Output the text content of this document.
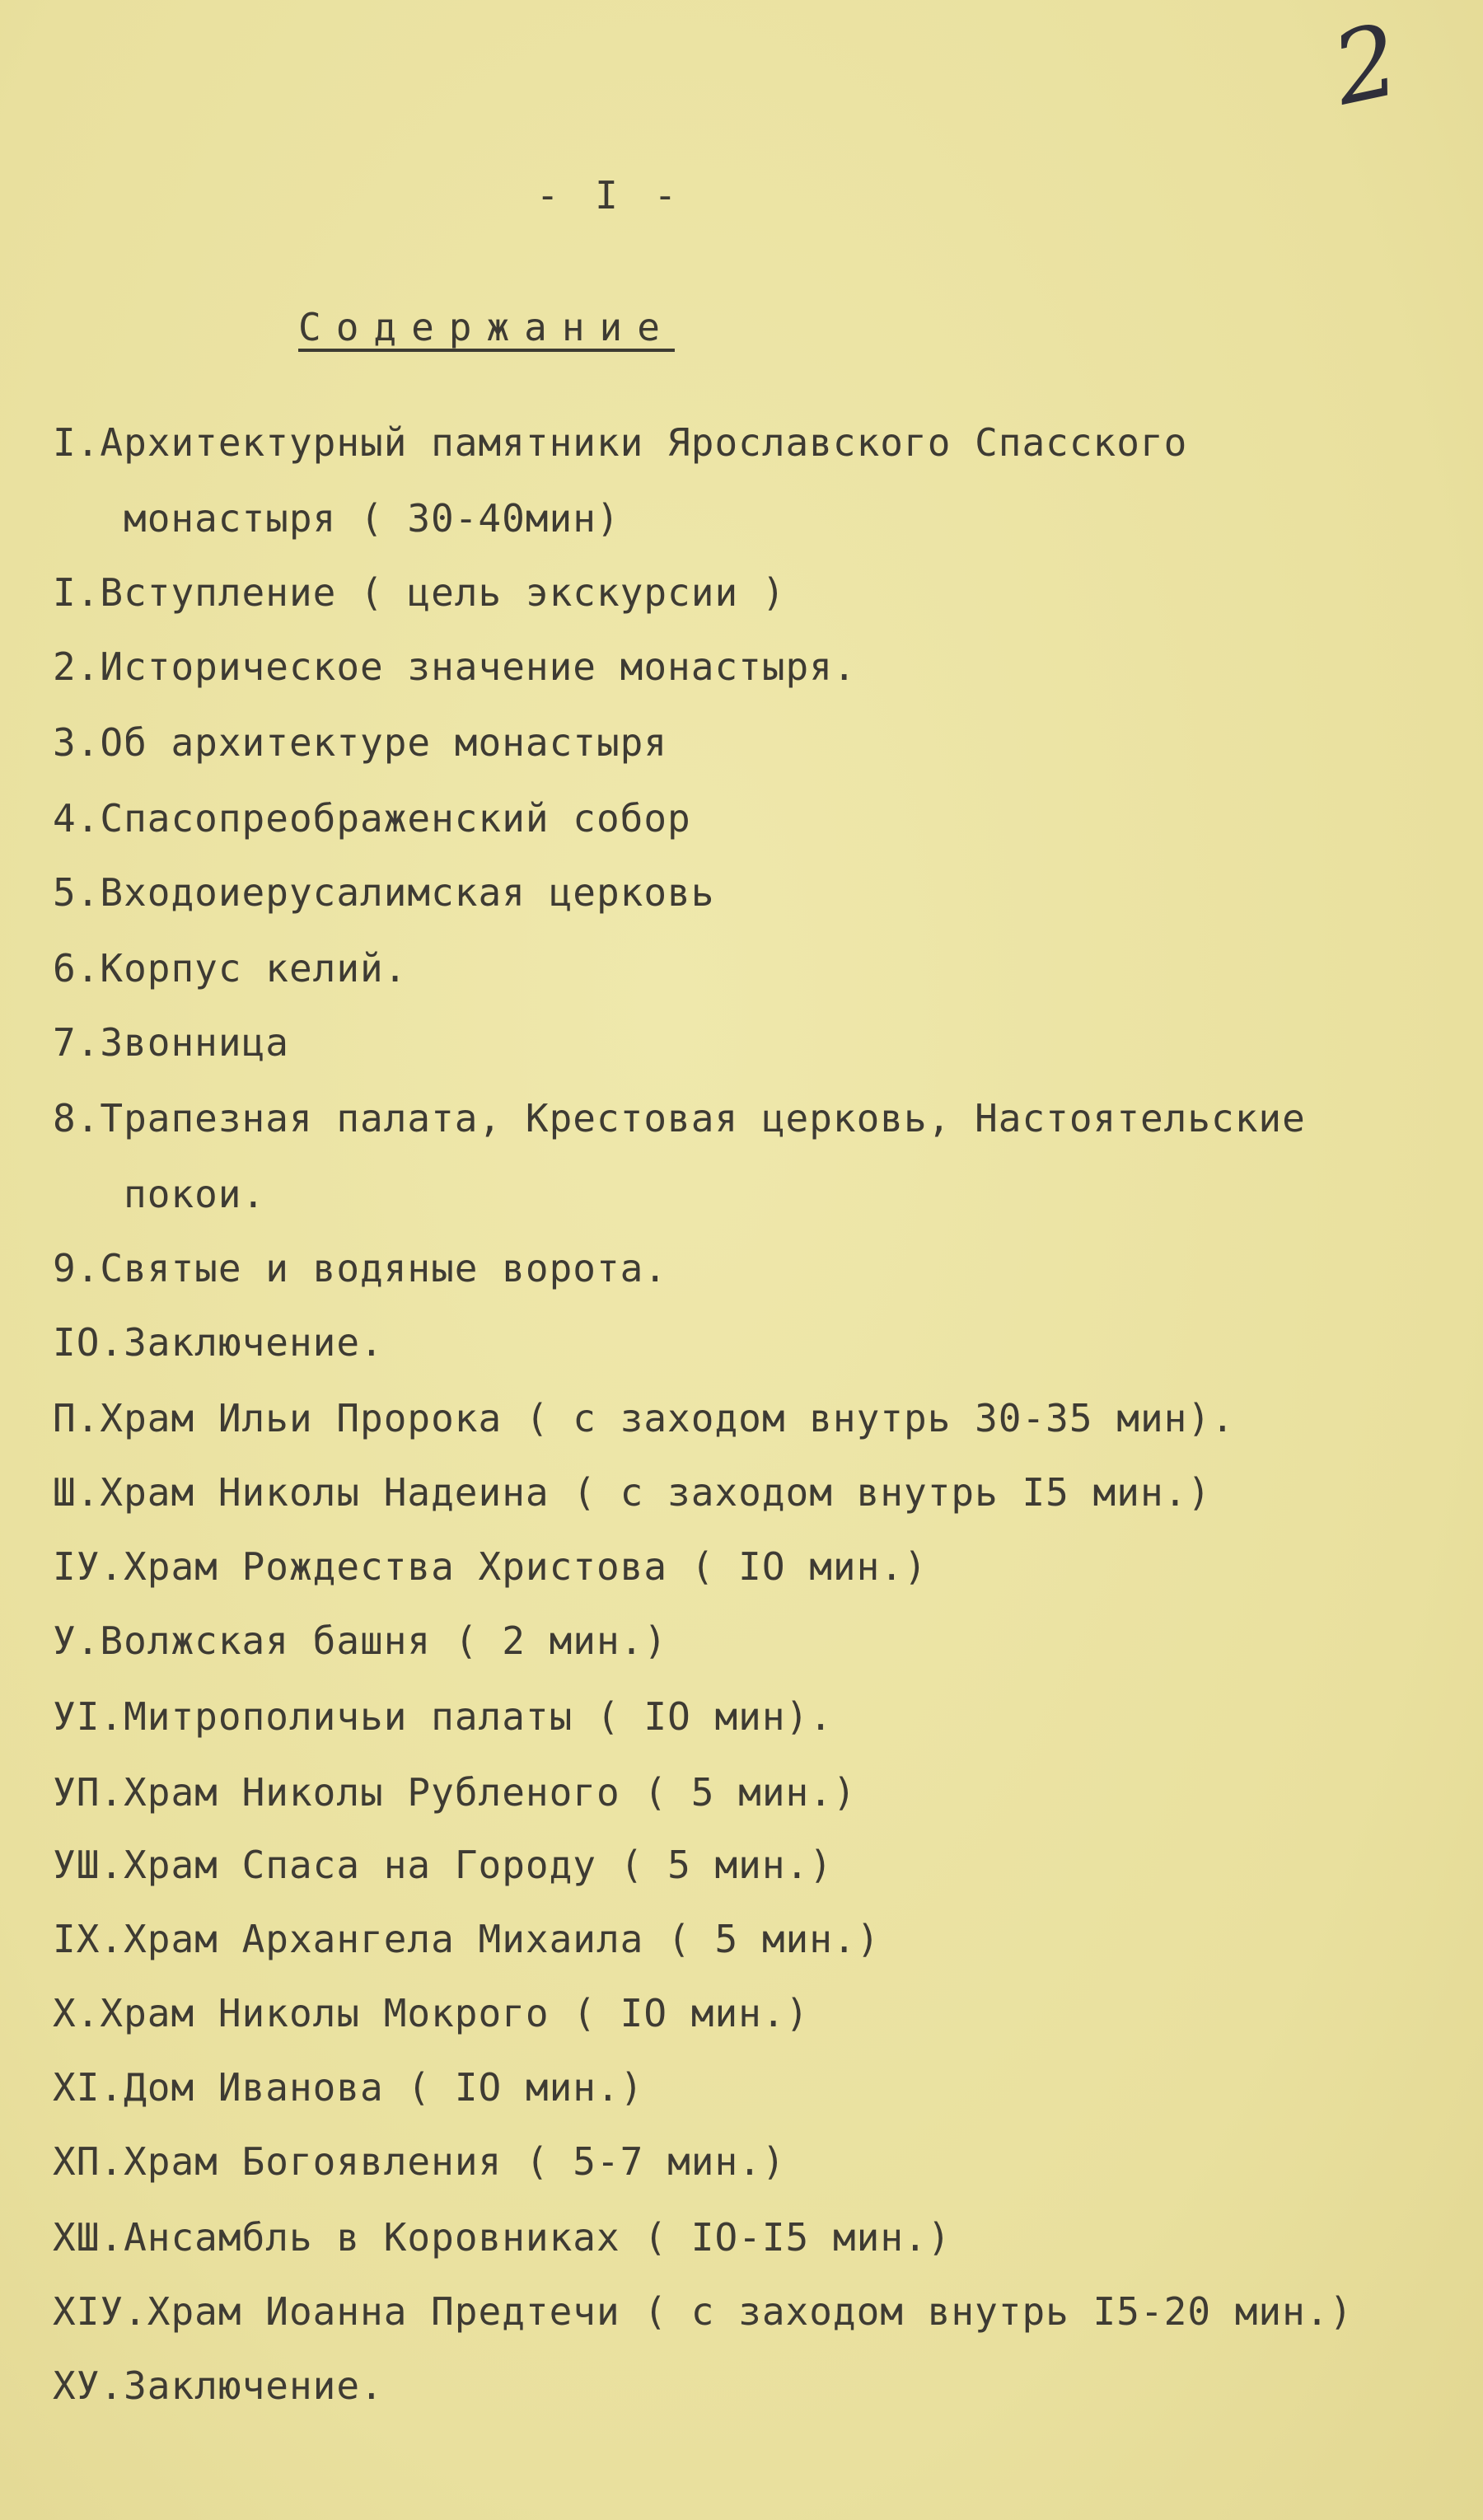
2
- I -
Содержание
I.Архитектурный памятники Ярославского Спасского
монастыря ( 30-40мин)
I.Вступление ( цель экскурсии )
2.Историческое значение монастыря.
3.Об архитектуре монастыря
4.Спасопреображенский собор
5.Входоиерусалимская церковь
6.Корпус келий.
7.Звонница
8.Трапезная палата, Крестовая церковь, Настоятельские
покои.
9.Святые и водяные ворота.
IO.Заключение.
П.Храм Ильи Пророка ( с заходом внутрь 30-35 мин).
Ш.Храм Николы Надеина ( с заходом внутрь I5 мин.)
IУ.Храм Рождества Христова ( IO мин.)
У.Волжская башня ( 2 мин.)
УI.Митрополичьи палаты ( IO мин).
УП.Храм Николы Рубленого ( 5 мин.)
УШ.Храм Спаса на Городу ( 5 мин.)
IX.Храм Архангела Михаила ( 5 мин.)
X.Храм Николы Мокрого ( IO мин.)
XI.Дом Иванова ( IO мин.)
XП.Храм Богоявления ( 5-7 мин.)
XШ.Ансамбль в Коровниках ( IO-I5 мин.)
XIУ.Храм Иоанна Предтечи ( с заходом внутрь I5-20 мин.)
XУ.Заключение.
